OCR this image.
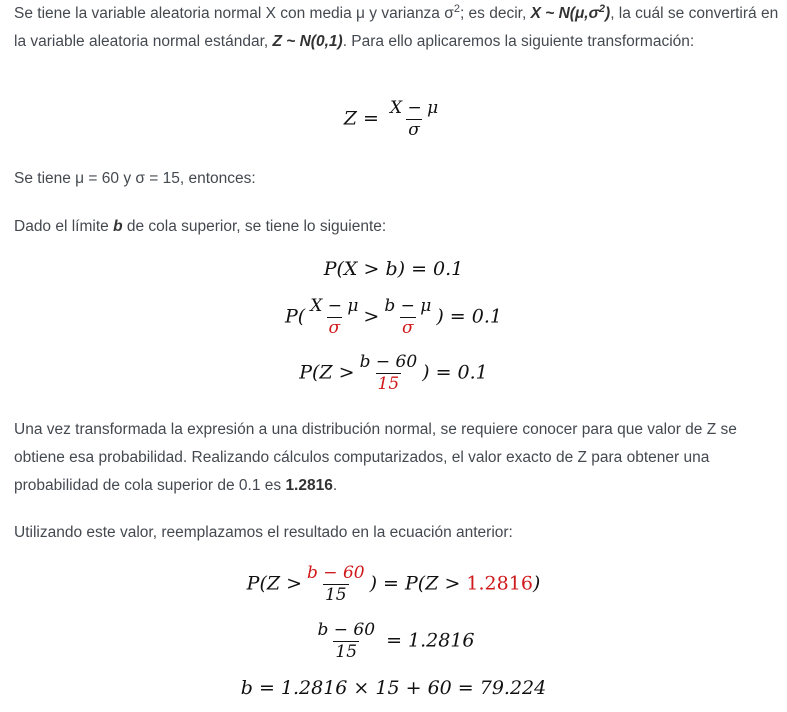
Se tiene la variable aleatoria normal X con media μ y varianza $\sigma^2$; es decir, X ~ $N(\mu,\sigma^2)$, la cuál se convertirá en la variable aleatoria normal estándar, Z ~ N(0,1). Para ello aplicaremos la siguiente transformación:

$Z = \frac{X - \mu}{\sigma}$

Se tiene μ = 60 y σ = 15, entonces:

Dado el límite b de cola superior, se tiene lo siguiente:

P(X > b) = 0.1
$P( \frac{X - \mu}{\sigma} > \frac{b - \mu}{\sigma}$ ) = 0.1
$P(Z > \frac{b - 60}{15}$ ) = 0.1

Una vez transformada la expresión a una distribución normal, se requiere conocer para que valor de Z se obtiene esa probabilidad. Realizando cálculos computarizados, el valor exacto de Z para obtener una probabilidad de cola superior de 0.1 es 1.2816.

Utilizando este valor, reemplazamos el resultado en la ecuación anterior:

$P(Z > \frac{b - 60}{15}$ ) = P(Z > 1.2816)
$\frac{b - 60}{15} = 1.2816$
b = 1.2816 × 15 + 60 = 79.224
